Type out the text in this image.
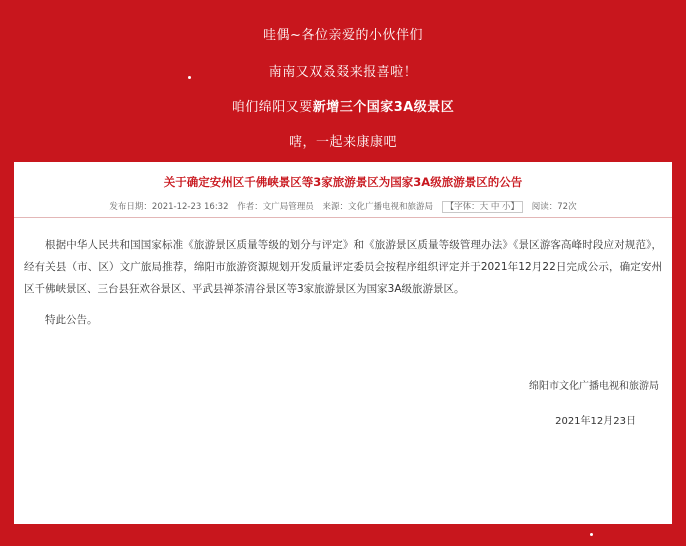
哇偶~各位亲爱的小伙伴们
南南又双叒叕来报喜啦！
咱们绵阳又要新增三个国家3A级景区
嗐，一起来康康吧
关于确定安州区千佛峡景区等3家旅游景区为国家3A级旅游景区的公告
发布日期：2021-12-23 16:32 作者：文广局管理员 来源：文化广播电视和旅游局 【字体：大 中 小】 阅读：72次
根据中华人民共和国国家标准《旅游景区质量等级的划分与评定》和《旅游景区质量等级管理办法》《景区游客高峰时段应对规范》，经有关县（市、区）文广旅局推荐，绵阳市旅游资源规划开发质量评定委员会按程序组织评定并于2021年12月22日完成公示，确定安州区千佛峡景区、三台县狂欢谷景区、平武县禅茶清谷景区等3家旅游景区为国家3A级旅游景区。
特此公告。
绵阳市文化广播电视和旅游局
2021年12月23日
